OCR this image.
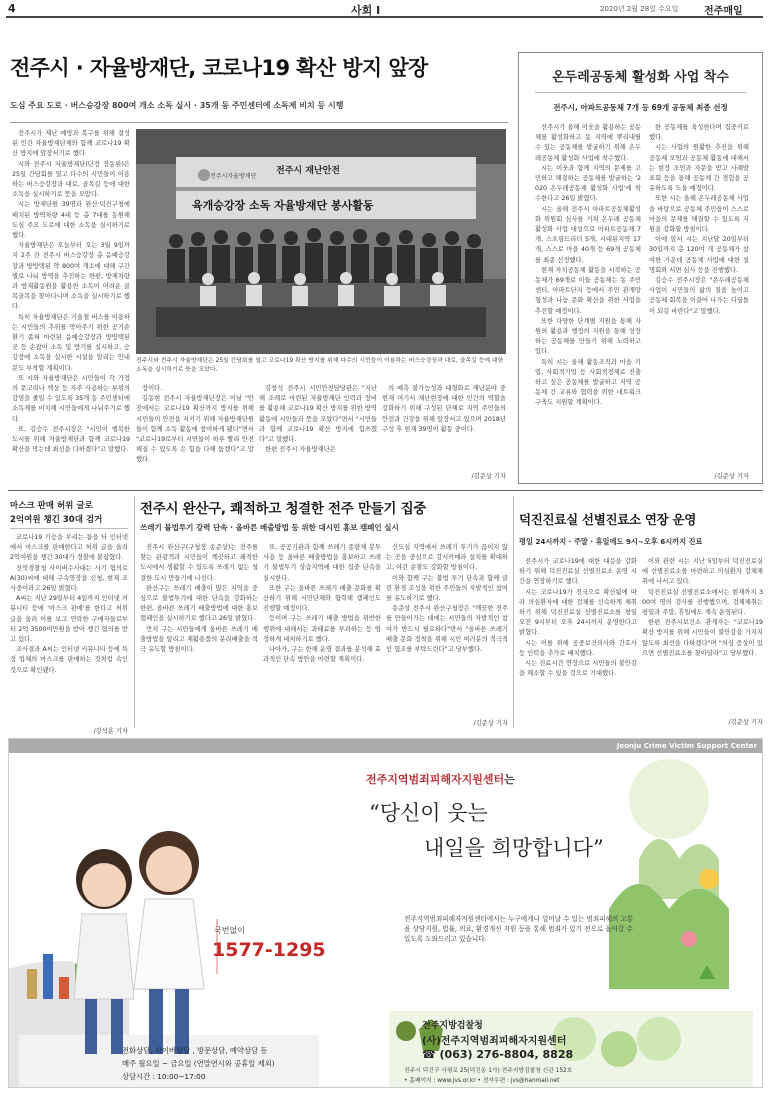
4	사회 Ⅰ	2020년 2월 28일 수요일	전주매일
전주시 · 자율방재단, 코로나19 확산 방지 앞장
도심 주요 도로 · 버스승강장 800여 개소 소독 실시 · 35개 동 주민센터에 소독제 비치 등 시행

전주시가 재난 예방과 복구를 위해 결성된 민간 자율방재단체와 함께 코로나19 확산 방지에 앞장서기로 했다.

시와 전주시 자율방재단(단장 장동완)은 25일 간담회를 열고 다수의 시민들이 이용하는 버스승강장과 대로, 골목길 등에 대한 소독을 실시하기로 뜻을 모았다.

시는 방재단원 39명과 완산·덕진구청에 배치된 방역차량 4대 등 총 7대를 동원해 도심 주요 도로에 대한 소독을 실시하기로 했다.

자율방재단은 오늘부터 오는 3월 9일까지 2주 간 전주시 버스승강장 총 음예승강장과 방방택된 약 800여 개소에 대해 구간별로 나눠 방역을 추진하는 한편, 방제차량과 방재활동원을 활용한 소독이 어려운 골목골목을 찾아다니며 소독을 실시하기로 했다.

특히 자율방재단은 거울철 버스를 이용하는 시민들의 추위를 막아주기 위한 공기순환기 좁혀 마련된 음예승강장과 방방택된 곳 등 손잡이 소독 및 방기를 실시하고, 승강장에 소독을 실시한 시설을 알리는 안내문도 부착할 계획이다.

또 시와 자율방재단은 시민들이 각 가정의 문고리나 책상 등 자주 사용하는 부위의 감염을 줄일 수 있도록 35개 동 주민센터에 소독제를 비치해 시민들에게 나눠주기로 했다.

또, 김승수 전주시장은 "시민이 행복한 도시를 위해 자율방재단과 함께 코로나19 확산을 막는데 최선을 다하겠다"고 말했다.

전주시 재난안전
육개승강장 소독 자율방재단 봉사활동
전주시자율방재단
전주시와 전주시 자율방재단은 25일 간담회를 열고 코로나19 확산 방지를 위해 다수의 시민들이 이용하는 버스승강장과 대로, 골목길 등에 대한 소독을 실시하기로 뜻을 모았다.

장이다.

김동현 전주시 자율방재단장은 이날 "안전에서는 코로나19 확산까지 방지를 위해 시민들의 안전을 지키기 위해 자율방재단원들이 함께 소독 활동에 참여하게 됐다"면서 "코로나19로부터 시민들이 하루 빨리 안전해질 수 있도록 은 힘을 다해 돕겠다"고 말했다.

김창석 전주시 시민안전담당관은 "지난해 조례로 마련된 자율방재단 인력과 장비를 활용해 코로나19 확산 방지를 위한 방역 활동에 시민들과 뜻을 모았다"면서 "시민들과 함께 코로나19 확산 방지에 힘쓰겠다"고 말했다.

한편 전주시 자율방재단은

의 예측 불가능성과 대형화로 재난분야 중 현재 여기서 재난현장에 대한 민간의 역할을 강화하기 위해 구성된 단체로 지역 주민들의 안전과 건강을 위해 앞장서고 있으며 2018년 구성 후 현재 39명이 활동 중이다.

/김준상 기자
온두레공동체 활성화 사업 착수
전주시, 아파트공동체 7개 등 69개 공동체 최종 선정

전주시가 올해 이웃을 활용하는 공동체를 활성화하고 동 지역에 뿌리내릴 수 있는 공동체를 발굴하기 위해 온두레공동체 활성화 사업에 착수했다.

시는 이웃과 함께 지역의 문제를 고민하고 해결하는 공동체를 발굴하는 '2020 온두레공동체 활성화 사업'에 착수한다고 26일 밝혔다.

시는 올해 전주시 아파트공동체활성화 위원회 심사를 거쳐 온두레 공동체 활성화 사업 대상으로 아파트공동체 7개, 스프링드리더 5개, 시대된지역 17개, 스스로 마을 40개 등 69개 공동체를 최종 선정했다.

현재 자치공동체 활동을 시작하는 공동체가 69개로 이들 공동체는 동 주민센터, 아파트단지 등에서 주민 관계망 형성과 나눔 문화 확산을 위한 사업을 추진할 예정이다.

또한 다양한 단계별 지원을 통해 자원의 활용과 행정의 지원을 통해 성장하는 공동체를 만들기 위해 노력하고 있다.

특히 시는 올해 활동조직과 마을 기업, 사회적기업 등 사회적경제로 진출하고 싶은 공동체를 발굴하고 지역 공동체 간 교류와 협력을 위한 네트워크 구축도 지원할 계획이다.

한 공동체를 육성한다며 집중키로 했다.

시는 사업의 원활한 추진을 위해 공동체 모임과 공동체 활동에 대해서는 현장 조언과 자문을 받고 사례발표회 등을 통해 공동체 간 경험을 공유하도록 도울 예정이다.

또한 시는 올해 온두레공동체 사업을 바탕으로 공동체 주민들이 스스로 마을의 문제를 해결할 수 있도록 지원을 강화할 방침이다.

이에 앞서 시는 지난달 20일부터 30일까지 총 120여 개 공동체가 참여한 가운데 공동체 사업에 대한 설명회와 서면 심사 등을 진행했다.

김승수 전주시장은 "온두레공동체 사업이 시민들의 삶의 질을 높이고 공동체 회복을 이끌어 나가는 디딤돌이 되길 바란다"고 말했다.

/김준상 기자
마스크 판매 허위 글로
2억여원 챙긴 30대 검거

코로나19 기승을 부리는 틈을 타 인터넷에서 마스크를 판매한다고 허위 글을 올려 2억여원을 챙긴 30대가 경찰에 붙잡혔다.

전북경찰청 사이버수사대는 사기 혐의로 A(30)씨에 대해 구속영장을 신청, 현재 조사중이라고 26일 밝혔다.

A씨는 지난 29일부터 4일까지 인터넷 커뮤니티 등에 '마스크 판매'를 한다고 허위 글을 올려 이를 보고 연락한 구매자들로부터 2억 3500여만원을 받아 챙긴 혐의를 받고 있다.

조사결과 A씨는 인터넷 커뮤니티 등에 특정 업체의 마스크를 판매하는 것처럼 속인 것으로 확인됐다.

/강석훈 기자
전주시 완산구, 쾌적하고 청결한 전주 만들기 집중
쓰레기 불법투기 강력 단속 · 올바른 배출방법 등 위한 대시민 홍보 캠페인 실시

전주시 완산구(구청장 송준상)는 전주를 찾는 관광객과 시민들이 깨끗하고 쾌적한 도시에서 생활할 수 있도록 쓰레기 없는 청결한 도시 만들기에 나선다.

완산구는 쓰레기 배출이 많은 지역을 중심으로 불법투기에 대한 단속을 강화하는 한편, 올바른 쓰레기 배출방법에 대한 홍보 캠페인을 실시하기로 했다고 26일 밝혔다.

먼저 구는 시민들에게 올바른 쓰레기 배출방법을 알리고 재활용품의 분리배출을 적극 유도할 방침이다.

또, 공공기관과 함께 쓰레기 종량제 봉투 사용 등 올바른 배출방법을 홍보하고 쓰레기 불법투기 상습지역에 대한 집중 단속을 실시한다.

또한 구는 올바른 쓰레기 배출 문화를 확산하기 위해 시민단체와 협력해 캠페인도 진행할 예정이다.

등이며 구는 쓰레기 배출 방법을 위반한 행위에 대해서는 과태료를 부과하는 등 엄정하게 대처하기로 했다.

나아가, 구는 한해 운영 결과를 분석해 효과적인 단속 방안을 마련할 계획이다.

신도심 지역에서 쓰레기 투기가 끊이지 않는 곳을 중심으로 감시카메라 설치를 확대하고, 야간 순찰도 강화할 방침이다.

이와 함께 구는 불법 투기 단속과 함께 클린 환경 조성을 위한 주민들의 자발적인 참여를 유도하기로 했다.

송준상 전주시 완산구청장은 "깨끗한 전주를 만들어가는 데에는 시민들의 자발적인 참여가 반드시 필요하다"면서 "올바른 쓰레기 배출 문화 정착을 위해 시민 여러분의 적극적인 협조를 부탁드린다"고 당부했다.

/김준상 기자
덕진진료실 선별진료소 연장 운영
평일 24시까지 · 주말 · 휴일에도 9시~오후 6시까지 진료

전주시가 코로나19에 대한 대응을 강화하기 위해 덕진진료실 선별진료소 운영 시간을 연장하기로 했다.

시는 코로나19가 전국으로 확산됨에 따라 의심환자에 대한 검체를 신속하게 채취하기 위해 덕진진료실 선별진료소를 평일 오전 9시부터 오후 24시까지 운영한다고 밝혔다.

시는 이를 위해 공중보건의사와 간호사 등 인력을 추가로 배치했다.

시는 진료시간 연장으로 시민들의 불안감을 해소할 수 있을 것으로 기대했다.

이와 관련 시는 지난 5일부터 덕진진료실에 선별진료소를 마련하고 의심환자 검체채취에 나서고 있다.

덕진진료실 선별진료소에서는 현재까지 300여 명의 검사를 진행했으며, 검체채취는 평일과 주말, 휴일에도 계속 운영된다.

한편 전주시보건소 관계자는 "코로나19 확산 방지를 위해 시민들이 불안감을 가지지 않도록 최선을 다하겠다"며 "의심 증상이 있으면 선별진료소를 찾아달라"고 당부했다.

/김준상 기자
Jeonju Crime Victim Support Center
전주지역범죄피해자지원센터는
“당신이 웃는
내일을 희망합니다”
전주지역범죄피해자지원센터에서는 누구에게나 일어날 수 있는 범죄피해의 고통을 상담지원, 법률, 의료, 환경개선 지원 등을 통해 범죄가 있기 전으로 돌아갈 수 있도록 도와드리고 있습니다.
국번없이
1577-1295
전화상담, 사이버상담 , 방문상담, 예약상담 등
매주 월요일 ~ 금요일 (연말연시와 공휴일 제외)
상담시간 : 10:00~17:00
전주지방검찰청
(사)전주지역범죄피해자지원센터
☎ (063) 276-8804, 8828
전주시 덕진구 사평로 25(덕진동 1가) 전주지방검찰청 신관 152호
• 홈페이지 : www.jvs.or.kr • 전자우편 : jvs@hanmail.net
